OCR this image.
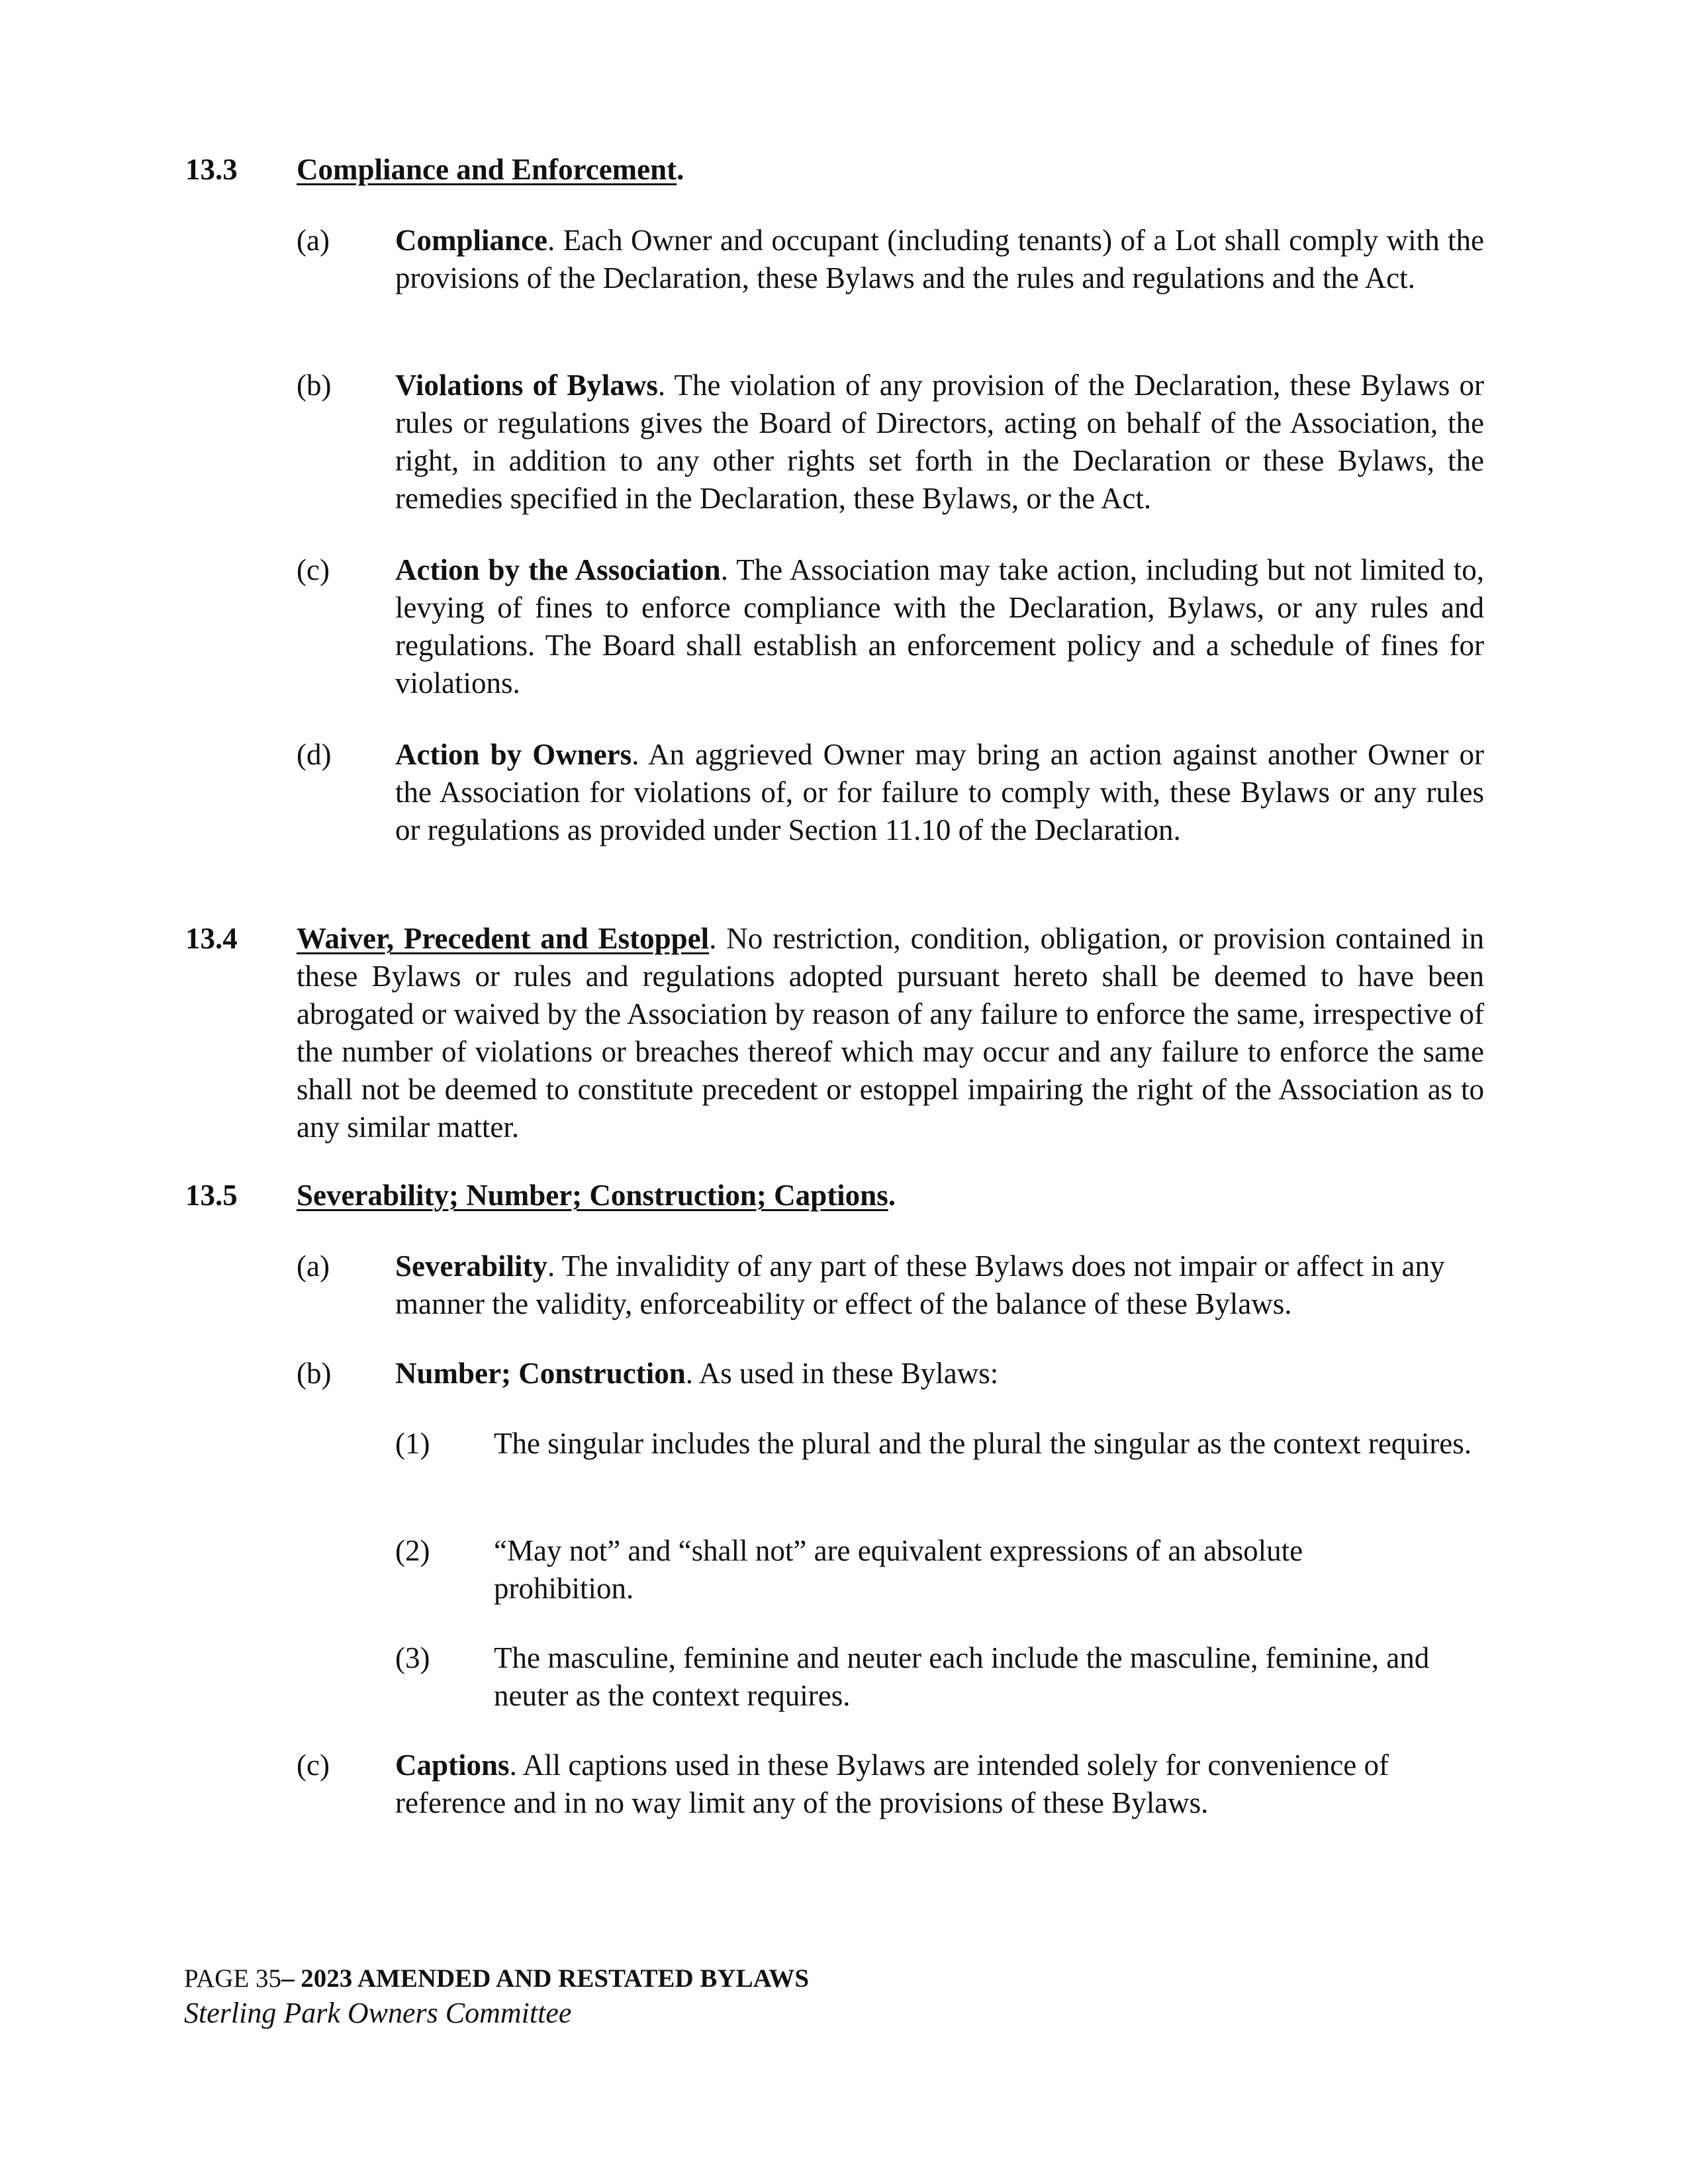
13.3 Compliance and Enforcement.
(a) Compliance. Each Owner and occupant (including tenants) of a Lot shall comply with the provisions of the Declaration, these Bylaws and the rules and regulations and the Act.
(b) Violations of Bylaws. The violation of any provision of the Declaration, these Bylaws or rules or regulations gives the Board of Directors, acting on behalf of the Association, the right, in addition to any other rights set forth in the Declaration or these Bylaws, the remedies specified in the Declaration, these Bylaws, or the Act.
(c) Action by the Association. The Association may take action, including but not limited to, levying of fines to enforce compliance with the Declaration, Bylaws, or any rules and regulations. The Board shall establish an enforcement policy and a schedule of fines for violations.
(d) Action by Owners. An aggrieved Owner may bring an action against another Owner or the Association for violations of, or for failure to comply with, these Bylaws or any rules or regulations as provided under Section 11.10 of the Declaration.
13.4 Waiver, Precedent and Estoppel. No restriction, condition, obligation, or provision contained in these Bylaws or rules and regulations adopted pursuant hereto shall be deemed to have been abrogated or waived by the Association by reason of any failure to enforce the same, irrespective of the number of violations or breaches thereof which may occur and any failure to enforce the same shall not be deemed to constitute precedent or estoppel impairing the right of the Association as to any similar matter.
13.5 Severability; Number; Construction; Captions.
(a) Severability. The invalidity of any part of these Bylaws does not impair or affect in any manner the validity, enforceability or effect of the balance of these Bylaws.
(b) Number; Construction. As used in these Bylaws:
(1) The singular includes the plural and the plural the singular as the context requires.
(2) “May not” and “shall not” are equivalent expressions of an absolute prohibition.
(3) The masculine, feminine and neuter each include the masculine, feminine, and neuter as the context requires.
(c) Captions. All captions used in these Bylaws are intended solely for convenience of reference and in no way limit any of the provisions of these Bylaws.
PAGE 35– 2023 AMENDED AND RESTATED BYLAWS
Sterling Park Owners Committee
